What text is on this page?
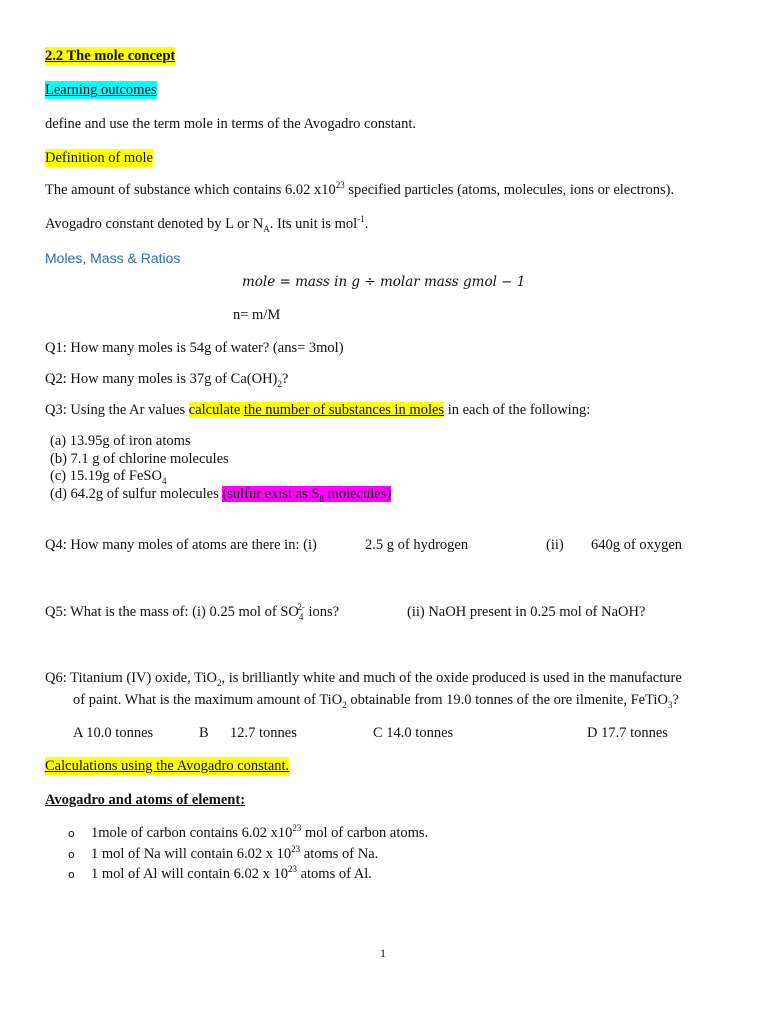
2.2 The mole concept
Learning outcomes
define and use the term mole in terms of the Avogadro constant.
Definition of mole
The amount of substance which contains 6.02 $x10^{23}$ specified particles (atoms, molecules, ions or electrons).
Avogadro constant denoted by L or $N_A$. Its unit is mol$^{-1}$.
Moles, Mass & Ratios
mole = mass in g ÷ molar mass gmol − 1
n= m/M
Q1: How many moles is 54g of water? (ans= 3mol)
Q2: How many moles is 37g of $Ca(OH)_2$?
Q3: Using the Ar values calculate the number of substances in moles in each of the following:
(a) 13.95g of iron atoms
(b) 7.1 g of chlorine molecules
(c) 15.19g of FeSO$_4$
(d) 64.2g of sulfur molecules (sulfur exist as $S_8$ molecules)
Q4: How many moles of atoms are there in: (i)	2.5 g of hydrogen	(ii) 640g of oxygen
Q5: What is the mass of: (i) 0.25 mol of $SO_4^{2-}$ ions?	(ii) NaOH present in 0.25 mol of NaOH?
Q6: Titanium (IV) oxide, TiO$_2$, is brilliantly white and much of the oxide produced is used in the manufacture
of paint. What is the maximum amount of TiO$_2$ obtainable from 19.0 tonnes of the ore ilmenite, FeTiO$_3$?
A 10.0 tonnes	B 12.7 tonnes	C 14.0 tonnes	D 17.7 tonnes
Calculations using the Avogadro constant.
Avogadro and atoms of element:
o 1mole of carbon contains 6.02 $x10^{23}$ mol of carbon atoms.
o 1 mol of Na will contain 6.02 x $10^{23}$ atoms of Na.
o 1 mol of Al will contain 6.02 x $10^{23}$ atoms of Al.
1
